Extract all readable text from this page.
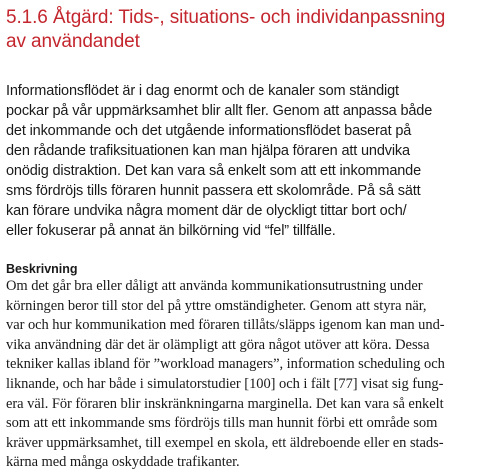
5.1.6 Åtgärd: Tids-, situations- och individanpassning
av användandet

Informationsflödet är i dag enormt och de kanaler som ständigt
pockar på vår uppmärksamhet blir allt fler. Genom att anpassa både
det inkommande och det utgående informationsflödet baserat på
den rådande trafiksituationen kan man hjälpa föraren att undvika
onödig distraktion. Det kan vara så enkelt som att ett inkommande
sms fördröjs tills föraren hunnit passera ett skolområde. På så sätt
kan förare undvika några moment där de olyckligt tittar bort och/
eller fokuserar på annat än bilkörning vid “fel” tillfälle.

Beskrivning

Om det går bra eller dåligt att använda kommunikationsutrustning under
körningen beror till stor del på yttre omständigheter. Genom att styra när,
var och hur kommunikation med föraren tillåts/släpps igenom kan man und-
vika användning där det är olämpligt att göra något utöver att köra. Dessa
tekniker kallas ibland för ”workload managers”, information scheduling och
liknande, och har både i simulatorstudier [100] och i fält [77] visat sig fung-
era väl. För föraren blir inskränkningarna marginella. Det kan vara så enkelt
som att ett inkommande sms fördröjs tills man hunnit förbi ett område som
kräver uppmärksamhet, till exempel en skola, ett äldreboende eller en stads-
kärna med många oskyddade trafikanter.
